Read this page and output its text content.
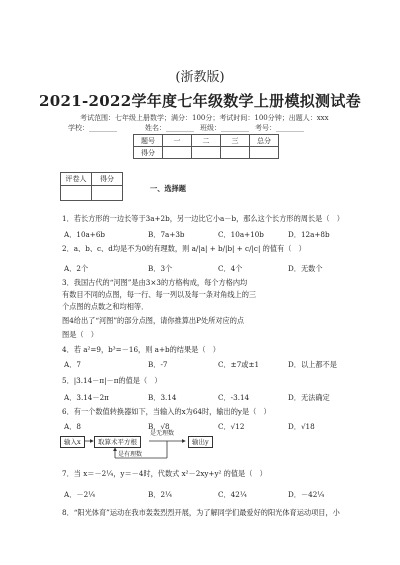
(浙教版)
2021-2022学年度七年级数学上册模拟测试卷
考试范围：七年级上册数学；满分：100分；考试时间：100分钟；出题人：xxx
学校：________	姓名：________ 班级：________ 考号：________
题号	一	二	三	总分
得分				
评卷人	得分

一、选择题
1．若长方形的一边长等于3a+2b，另一边比它小a－b，那么这个长方形的周长是（　）
A．10a+6b	B．7a+3b	C．10a+10b	D．12a+8b
2．a、b、c、d均是不为0的有理数，则 a/|a| + b/|b| + c/|c| 的值有（　）
A．2个	B．3个	C．4个	D．无数个
3．我国古代的“河图”是由3×3的方格构成，每个方格内均
有数目不同的点图，每一行、每一列以及每一条对角线上的三
个点图的点数之和均相等．
图4给出了“河图”的部分点图，请你推算出P处所对应的点
图是（　）
4．若 a²=9，b³=－16，则 a+b的结果是（　）
A．7	B．-7	C．±7或±1	D．以上都不是
5．|3.14－π|－π的值是（　）
A．3.14－2π	B．3.14	C．-3.14	D．无法确定
6．有一个数值转换器如下，当输入的x为64时，输出的y是（　）
A．8	B．√8	C．√12	D．√18
输入x	取算术平方根	输出y
是无理数
是有理数
7．当 x＝－2¼，y＝－4时，代数式 x²－2xy+y² 的值是（　）
A．－2¼	B．2¼	C．42¼	D．－42¼
8．“阳光体育”运动在我市轰轰烈烈开展，为了解同学们最爱好的阳光体育运动项目，小
